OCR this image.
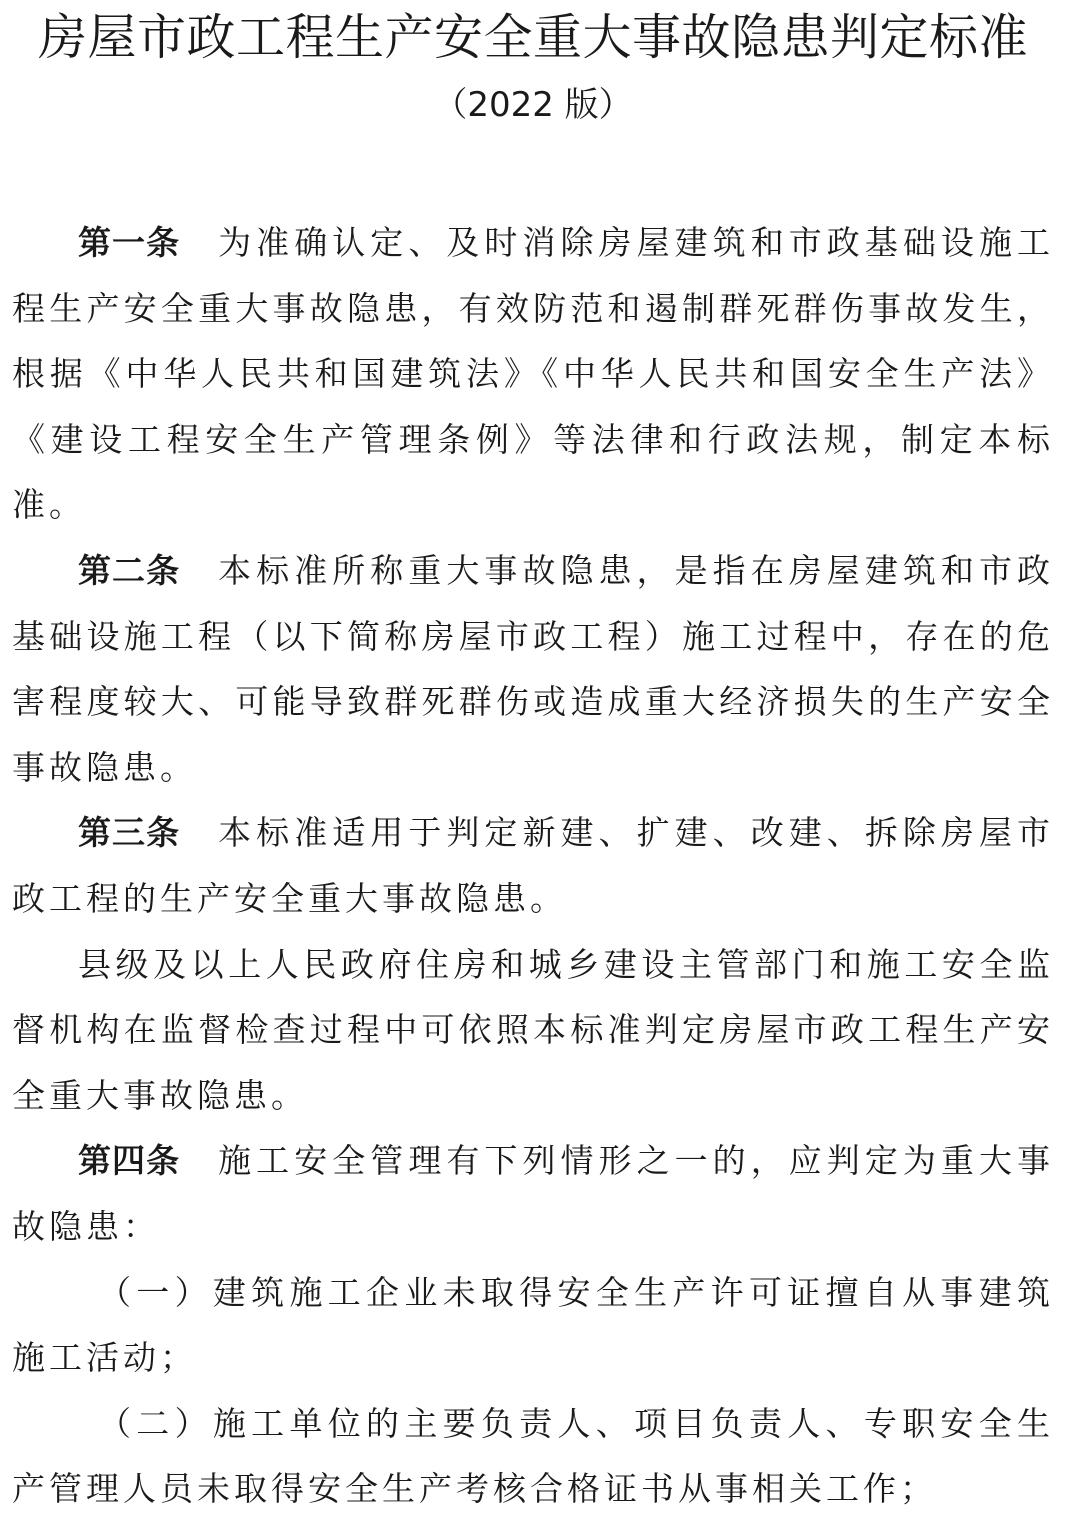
房屋市政工程生产安全重大事故隐患判定标准

（2022 版）

第一条 为准确认定、及时消除房屋建筑和市政基础设施工程生产安全重大事故隐患，有效防范和遏制群死群伤事故发生，根据《中华人民共和国建筑法》《中华人民共和国安全生产法》《建设工程安全生产管理条例》等法律和行政法规，制定本标准。

第二条 本标准所称重大事故隐患，是指在房屋建筑和市政基础设施工程（以下简称房屋市政工程）施工过程中，存在的危害程度较大、可能导致群死群伤或造成重大经济损失的生产安全事故隐患。

第三条 本标准适用于判定新建、扩建、改建、拆除房屋市政工程的生产安全重大事故隐患。

县级及以上人民政府住房和城乡建设主管部门和施工安全监督机构在监督检查过程中可依照本标准判定房屋市政工程生产安全重大事故隐患。

第四条 施工安全管理有下列情形之一的，应判定为重大事故隐患：

（一）建筑施工企业未取得安全生产许可证擅自从事建筑施工活动；

（二）施工单位的主要负责人、项目负责人、专职安全生产管理人员未取得安全生产考核合格证书从事相关工作；
